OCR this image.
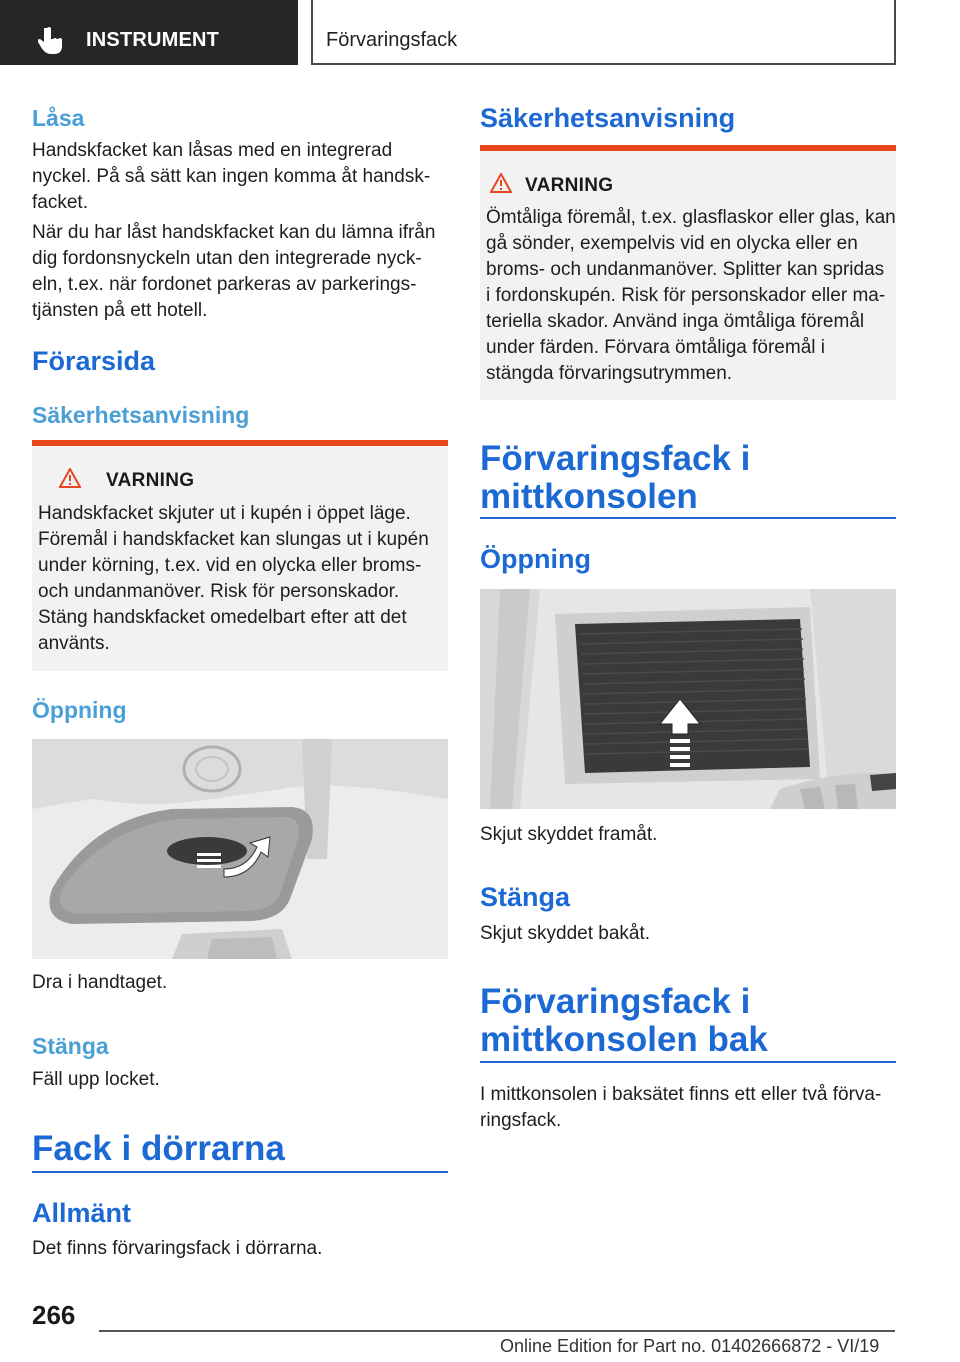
INSTRUMENT	Förvaringsfack
Låsa
Handskfacket kan låsas med en integrerad
nyckel. På så sätt kan ingen komma åt handsk-
facket.
När du har låst handskfacket kan du lämna ifrån
dig fordonsnyckeln utan den integrerade nyck-
eln, t.ex. när fordonet parkeras av parkerings-
tjänsten på ett hotell.
Förarsida
Säkerhetsanvisning
VARNING
Handskfacket skjuter ut i kupén i öppet läge.
Föremål i handskfacket kan slungas ut i kupén
under körning, t.ex. vid en olycka eller broms-
och undanmanöver. Risk för personskador.
Stäng handskfacket omedelbart efter att det
använts.
Öppning
Dra i handtaget.
Stänga
Fäll upp locket.
Fack i dörrarna
Allmänt
Det finns förvaringsfack i dörrarna.
Säkerhetsanvisning
VARNING
Ömtåliga föremål, t.ex. glasflaskor eller glas, kan
gå sönder, exempelvis vid en olycka eller en
broms- och undanmanöver. Splitter kan spridas
i fordonskupén. Risk för personskador eller ma-
teriella skador. Använd inga ömtåliga föremål
under färden. Förvara ömtåliga föremål i
stängda förvaringsutrymmen.
Förvaringsfack i
mittkonsolen
Öppning
Skjut skyddet framåt.
Stänga
Skjut skyddet bakåt.
Förvaringsfack i
mittkonsolen bak
I mittkonsolen i baksätet finns ett eller två förva-
ringsfack.
266
Online Edition for Part no. 01402666872 - VI/19
